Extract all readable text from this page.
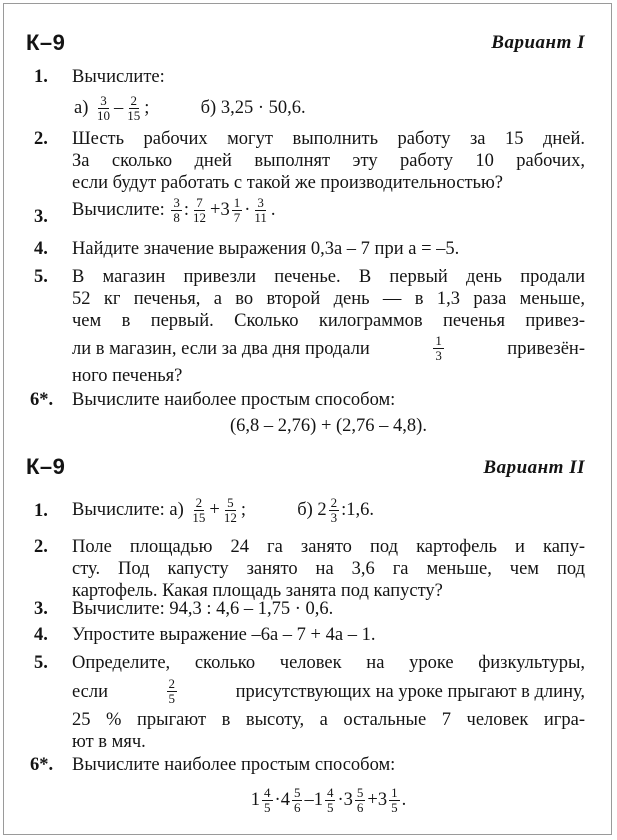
К–9	Вариант I
1. Вычислите:
$а) \frac{3}{10} - \frac{2}{15}$ ;	б) 3,25 · 50,6.
2. Шесть рабочих могут выполнить работу за 15 дней.
За сколько дней выполнят эту работу 10 рабочих,
если будут работать с такой же производительностью?
3. Вычислите: $\frac{3}{8}$ : $\frac{7}{12} +3 \frac{1}{7} \cdot \frac{3}{11}$ .
4. Найдите значение выражения 0,3a – 7 при a = –5.
5. В магазин привезли печенье. В первый день продали
52 кг печенья, а во второй день — в 1,3 раза меньше,
чем в первый. Сколько килограммов печенья привез-
ли в магазин, если за два дня продали	$\frac{1}{3}$	привезён-
ного печенья?
6*. Вычислите наиболее простым способом:
(6,8 – 2,76) + (2,76 – 4,8).
К–9	Вариант II
1. Вычислите: $а) \frac{2}{15} + \frac{5}{12}$ ;	б) $2 \frac{2}{3}$ :1,6.
2. Поле площадью 24 га занято под картофель и капу-
сту. Под капусту занято на 3,6 га меньше, чем под
картофель. Какая площадь занята под капусту?
3. Вычислите: 94,3 : 4,6 – 1,75 · 0,6.
4. Упростите выражение –6a – 7 + 4a – 1.
5. Определите, сколько человек на уроке физкультуры,
если	$\frac{2}{5}$	присутствующих на уроке прыгают в длину,
25 % прыгают в высоту, а остальные 7 человек игра-
ют в мяч.
6*. Вычислите наиболее простым способом:
$1 \frac{4}{5} \cdot 4 \frac{5}{6} -1 \frac{4}{5} \cdot 3 \frac{5}{6} +3 \frac{1}{5}$ .
